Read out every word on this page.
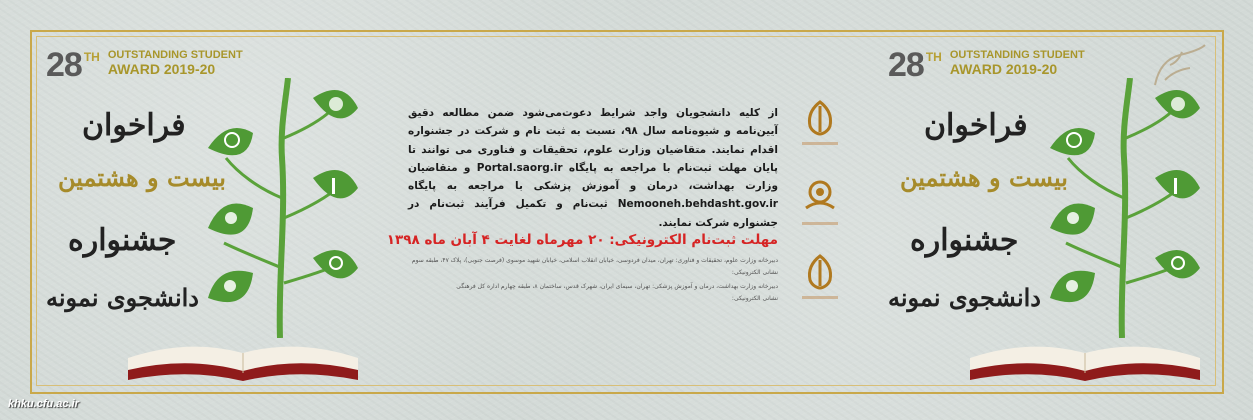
28 TH OUTSTANDING STUDENT
AWARD 2019-20
فراخوان
بیست و هشتمین
جشنواره
دانشجوی نمونه
از کلیه دانشجویان واجد شرایط دعوت‌می‌شود ضمن مطالعه دقیق آیین‌نامه و شیوه‌نامه سال ۹۸، نسبت به ثبت نام و شرکت در جشنواره اقدام نمایند. متقاضیان وزارت علوم، تحقیقات و فناوری می توانند تا پایان مهلت ثبت‌نام با مراجعه به پایگاه Portal.saorg.ir و متقاضیان وزارت بهداشت، درمان و آموزش پزشکی با مراجعه به پایگاه Nemooneh.behdasht.gov.ir ثبت‌نام و تکمیل فرآیند ثبت‌نام در جشنواره شرکت نمایند.
مهلت ثبت‌نام الکترونیکی: ۲۰ مهرماه لغایت ۴ آبان ماه ۱۳۹۸
دبیرخانه وزارت علوم، تحقیقات و فناوری: تهران، میدان فردوسی، خیابان انقلاب اسلامی، خیابان شهید موسوی (فرصت جنوبی)، پلاک ۴۷، طبقه سوم
نشانی الکترونیکی:
دبیرخانه وزارت بهداشت، درمان و آموزش پزشکی: تهران، سیمای ایران، شهرک قدس، ساختمان ۸، طبقه چهارم اداره کل فرهنگی
نشانی الکترونیکی:
28 TH OUTSTANDING STUDENT
AWARD 2019-20
فراخوان
بیست و هشتمین
جشنواره
دانشجوی نمونه
khku.cfu.ac.ir
